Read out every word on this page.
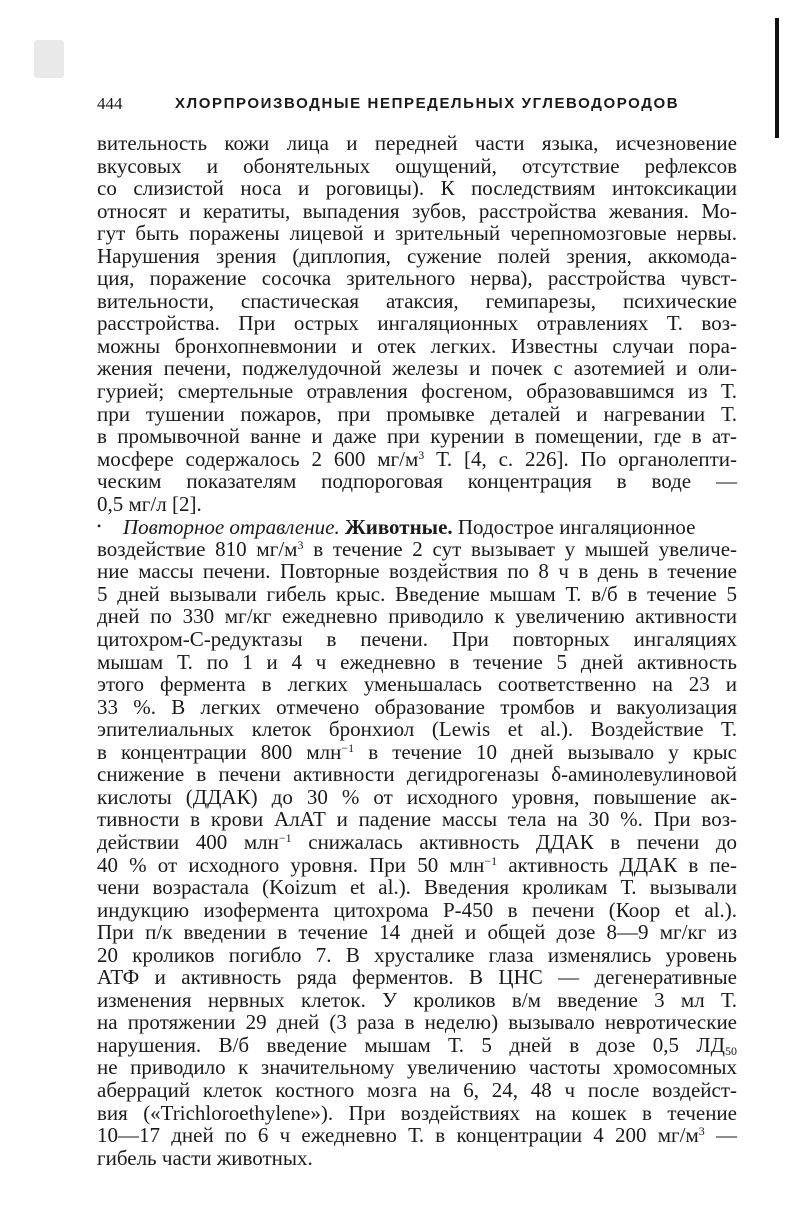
444	ХЛОРПРОИЗВОДНЫЕ НЕПРЕДЕЛЬНЫХ УГЛЕВОДОРОДОВ
вительность кожи лица и передней части языка, исчезновение
вкусовых и обонятельных ощущений, отсутствие рефлексов
со слизистой носа и роговицы). К последствиям интоксикации
относят и кератиты, выпадения зубов, расстройства жевания. Мо-
гут быть поражены лицевой и зрительный черепномозговые нервы.
Нарушения зрения (диплопия, сужение полей зрения, аккомода-
ция, поражение сосочка зрительного нерва), расстройства чувст-
вительности, спастическая атаксия, гемипарезы, психические
расстройства. При острых ингаляционных отравлениях Т. воз-
можны бронхопневмонии и отек легких. Известны случаи пора-
жения печени, поджелудочной железы и почек с азотемией и оли-
гурией; смертельные отравления фосгеном, образовавшимся из Т.
при тушении пожаров, при промывке деталей и нагревании Т.
в промывочной ванне и даже при курении в помещении, где в ат-
мосфере содержалось 2 600 $мг/м^3$ Т. [4, с. 226]. По органолепти-
ческим показателям подпороговая концентрация в воде —
0,5 мг/л [2].
• Повторное отравление. Животные. Подострое ингаляционное
воздействие 810 $мг/м^3$ в течение 2 сут вызывает у мышей увеличе-
ние массы печени. Повторные воздействия по 8 ч в день в течение
5 дней вызывали гибель крыс. Введение мышам Т. в/б в течение 5
дней по 330 мг/кг ежедневно приводило к увеличению активности
цитохром-С-редуктазы в печени. При повторных ингаляциях
мышам Т. по 1 и 4 ч ежедневно в течение 5 дней активность
этого фермента в легких уменьшалась соответственно на 23 и
33 %. В легких отмечено образование тромбов и вакуолизация
эпителиальных клеток бронхиол (Lewis et al.). Воздействие Т.
в концентрации 800 млн$^{-1}$ в течение 10 дней вызывало у крыс
снижение в печени активности дегидрогеназы δ-аминолевулиновой
кислоты (ДДАК) до 30 % от исходного уровня, повышение ак-
тивности в крови АлАТ и падение массы тела на 30 %. При воз-
действии 400 млн$^{-1}$ снижалась активность ДДАК в печени до
40 % от исходного уровня. При 50 млн$^{-1}$ активность ДДАК в пе-
чени возрастала (Koizum et al.). Введения кроликам Т. вызывали
индукцию изофермента цитохрома Р-450 в печени (Коор et al.).
При п/к введении в течение 14 дней и общей дозе 8—9 мг/кг из
20 кроликов погибло 7. В хрусталике глаза изменялись уровень
АТФ и активность ряда ферментов. В ЦНС — дегенеративные
изменения нервных клеток. У кроликов в/м введение 3 мл Т.
на протяжении 29 дней (3 раза в неделю) вызывало невротические
нарушения. В/б введение мышам Т. 5 дней в дозе 0,5 $ЛД_{50}$
не приводило к значительному увеличению частоты хромосомных
аберраций клеток костного мозга на 6, 24, 48 ч после воздейст-
вия («Trichloroethylene»). При воздействиях на кошек в течение
10—17 дней по 6 ч ежедневно Т. в концентрации 4 200 $мг/м^3$ —
гибель части животных.
